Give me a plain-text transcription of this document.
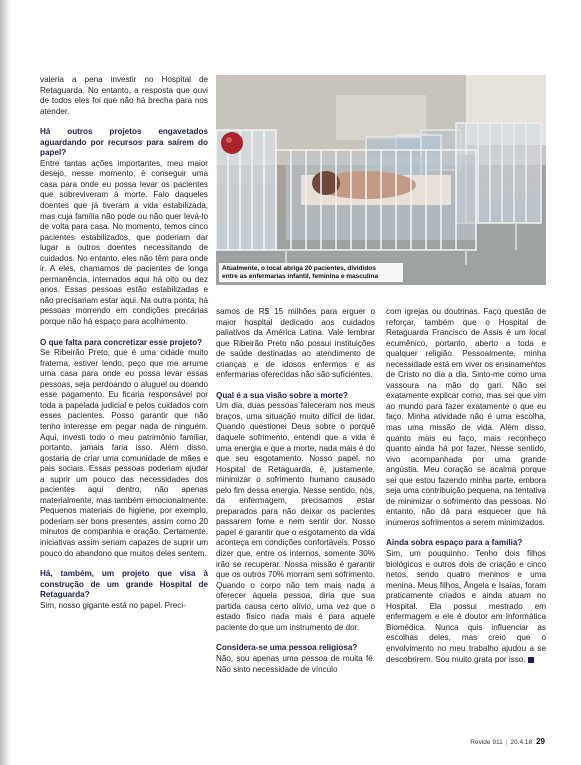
valeria a pena investir no Hospital de Retaguarda. No entanto, a resposta que ouvi de todos eles foi que não há brecha para nos atender.

Há outros projetos engavetados aguardando por recursos para saírem do papel?

Entre tantas ações importantes, meu maior desejo, nesse momento, é conseguir uma casa para onde eu possa levar os pacientes que sobreviveram à morte. Falo daqueles doentes que já tiveram a vida estabilizada, mas cuja família não pode ou não quer levá-lo de volta para casa. No momento, temos cinco pacientes estabilizados, que poderiam dar lugar a outros doentes necessitando de cuidados. No entanto, eles não têm para onde ir. A eles, chamamos de pacientes de longa permanência, internados aqui há oito ou dez anos. Essas pessoas estão estabilizadas e não precisariam estar aqui. Na outra ponta, há pessoas morrendo em condições precárias porque não há espaço para acolhimento.

O que falta para concretizar esse projeto?

Se Ribeirão Preto, que é uma cidade muito fraterna, estiver lendo, peço que me arrume uma casa para onde eu possa levar essas pessoas, seja perdoando o aluguel ou doando esse pagamento. Eu ficaria responsável por toda a papelada judicial e pelos cuidados com esses pacientes. Posso garantir que não tenho interesse em pegar nada de ninguém. Aqui, investi todo o meu patrimônio familiar, portanto, jamais faria isso. Além disso, gostaria de criar uma comunidade de mães e pais sociais. Essas pessoas poderiam ajudar a suprir um pouco das necessidades dos pacientes aqui dentro, não apenas materialmente, mas também emocionalmente. Pequenos materiais de higiene, por exemplo, poderiam ser bons presentes, assim como 20 minutos de companhia e oração. Certamente, iniciativas assim seriam capazes de suprir um pouco do abandono que muitos deles sentem.

Há, também, um projeto que visa à construção de um grande Hospital de Retaguarda?

Sim, nosso gigante está no papel. Preci-

Atualmente, o local abriga 20 pacientes, divididos
entre as enfermarias infantil, feminina e masculina

samos de R$ 15 milhões para erguer o maior hospital dedicado aos cuidados paliativos da América Latina. Vale lembrar que Ribeirão Preto não possui instituições de saúde destinadas ao atendimento de crianças e de idosos enfermos e as enfermarias oferecidas não são suficientes.

Qual é a sua visão sobre a morte?

Um dia, duas pessoas faleceram nos meus braços, uma situação muito difícil de lidar. Quando questionei Deus sobre o porquê daquele sofrimento, entendi que a vida é uma energia e que a morte, nada mais é do que seu esgotamento. Nosso papel, no Hospital de Retaguarda, é, justamente, minimizar o sofrimento humano causado pelo fim dessa energia. Nesse sentido, nós, da enfermagem, precisamos estar preparados para não deixar os pacientes passarem fome e nem sentir dor. Nosso papel é garantir que o esgotamento da vida aconteça em condições confortáveis. Posso dizer que, entre os internos, somente 30% irão se recuperar. Nossa missão é garantir que os outros 70% morram sem sofrimento. Quando o corpo não tem mais nada a oferecer àquela pessoa, diria que sua partida causa certo alívio, uma vez que o estado físico nada mais é para aquele paciente do que um instrumento de dor.

Considera-se uma pessoa religiosa?

Não, sou apenas uma pessoa de muita fé. Não sinto necessidade de vínculo

com igrejas ou doutrinas. Faço questão de reforçar, também que o Hospital de Retaguarda Francisco de Assis é um local ecumênico, portanto, aberto a toda e qualquer religião. Pessoalmente, minha necessidade está em viver os ensinamentos de Cristo no dia a dia. Sinto-me como uma vassoura na mão do gari. Não sei exatamente explicar como, mas sei que vim ao mundo para fazer exatamente o que eu faço. Minha atividade não é uma escolha, mas uma missão de vida. Além disso, quanto mais eu faço, mais reconheço quanto ainda há por fazer. Nesse sentido, vivo acompanhada por uma grande angústia. Meu coração se acalma porque sei que estou fazendo minha parte, embora seja uma contribuição pequena, na tentativa de minimizar o sofrimento das pessoas. No entanto, não dá para esquecer que há inúmeros sofrimentos a serem minimizados.

Ainda sobra espaço para a família?

Sim, um pouquinho. Tenho dois filhos biológicos e outros dois de criação e cinco netos, sendo quatro meninos e uma menina. Meus filhos, Ângela e Isaías, foram praticamente criados e ainda atuam no Hospital. Ela possui mestrado em enfermagem e ele é doutor em Informática Biomédica. Nunca quis influenciar as escolhas deles, mas creio que o envolvimento no meu trabalho ajudou a se descobrirem. Sou muito grata por isso.

Revide 911 | 20.4.18 29
